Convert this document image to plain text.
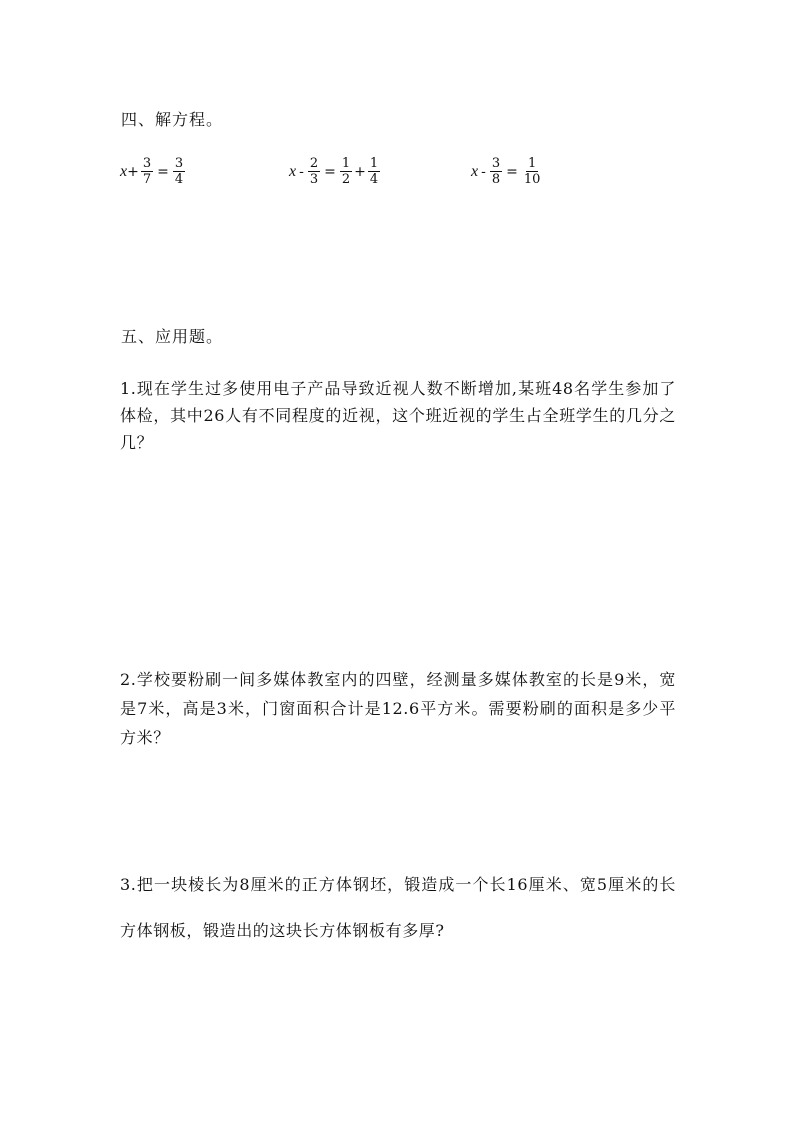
四、解方程。
$x + \frac{3}{7} = \frac{3}{4}$	$x - \frac{2}{3} = \frac{1}{2} + \frac{1}{4}$	$x - \frac{3}{8} = \frac{1}{10}$
五、应用题。
1.现在学生过多使用电子产品导致近视人数不断增加,某班48名学生参加了体检，其中26人有不同程度的近视，这个班近视的学生占全班学生的几分之几？
2.学校要粉刷一间多媒体教室内的四壁，经测量多媒体教室的长是9米，宽是7米，高是3米，门窗面积合计是12.6平方米。需要粉刷的面积是多少平方米？
3.把一块棱长为8厘米的正方体钢坯，锻造成一个长16厘米、宽5厘米的长方体钢板，锻造出的这块长方体钢板有多厚?
